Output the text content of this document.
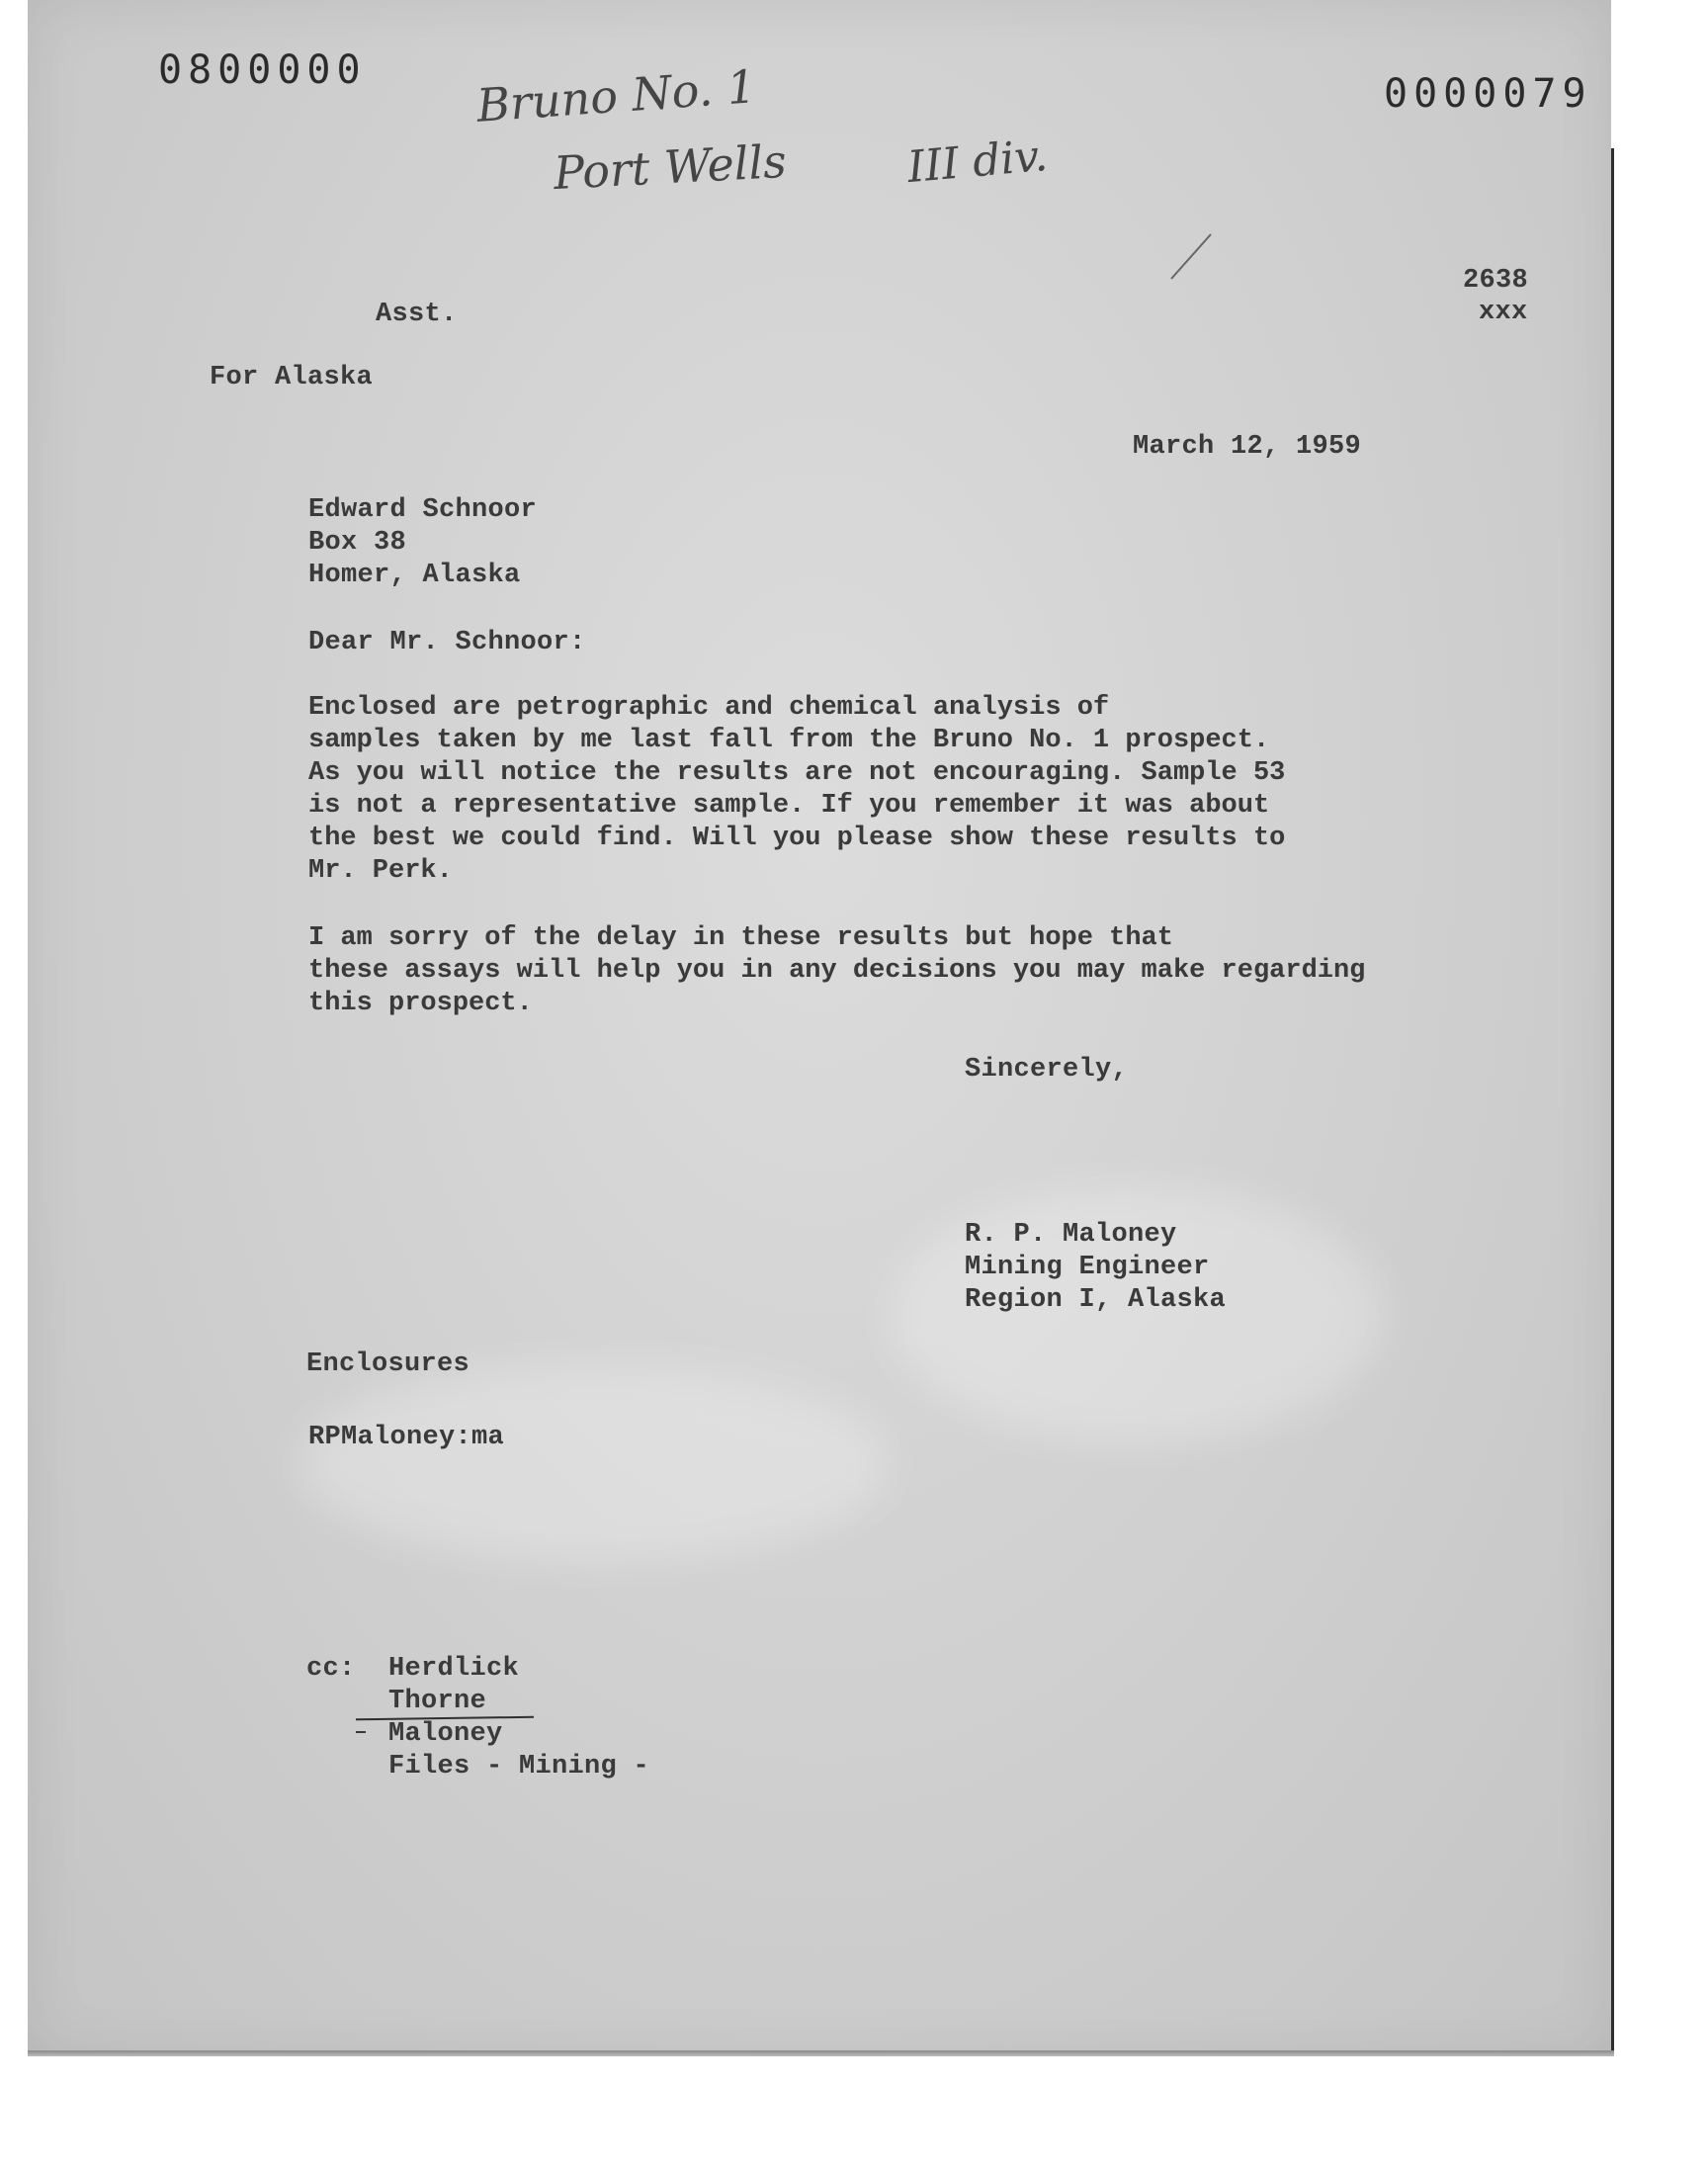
0800000
0000079
Bruno No. 1
Port Wells	III div.
2638
xxx
Asst.
For Alaska
March 12, 1959
Edward Schnoor
Box 38
Homer, Alaska
Dear Mr. Schnoor:

Enclosed are petrographic and chemical analysis of
samples taken by me last fall from the Bruno No. 1 prospect.
As you will notice the results are not encouraging. Sample 53
is not a representative sample. If you remember it was about
the best we could find. Will you please show these results to
Mr. Perk.

I am sorry of the delay in these results but hope that
these assays will help you in any decisions you may make regarding
this prospect.

Sincerely,
R. P. Maloney
Mining Engineer
Region I, Alaska
Enclosures
RPMaloney:ma
cc: Herdlick
Thorne
Maloney
Files - Mining -
